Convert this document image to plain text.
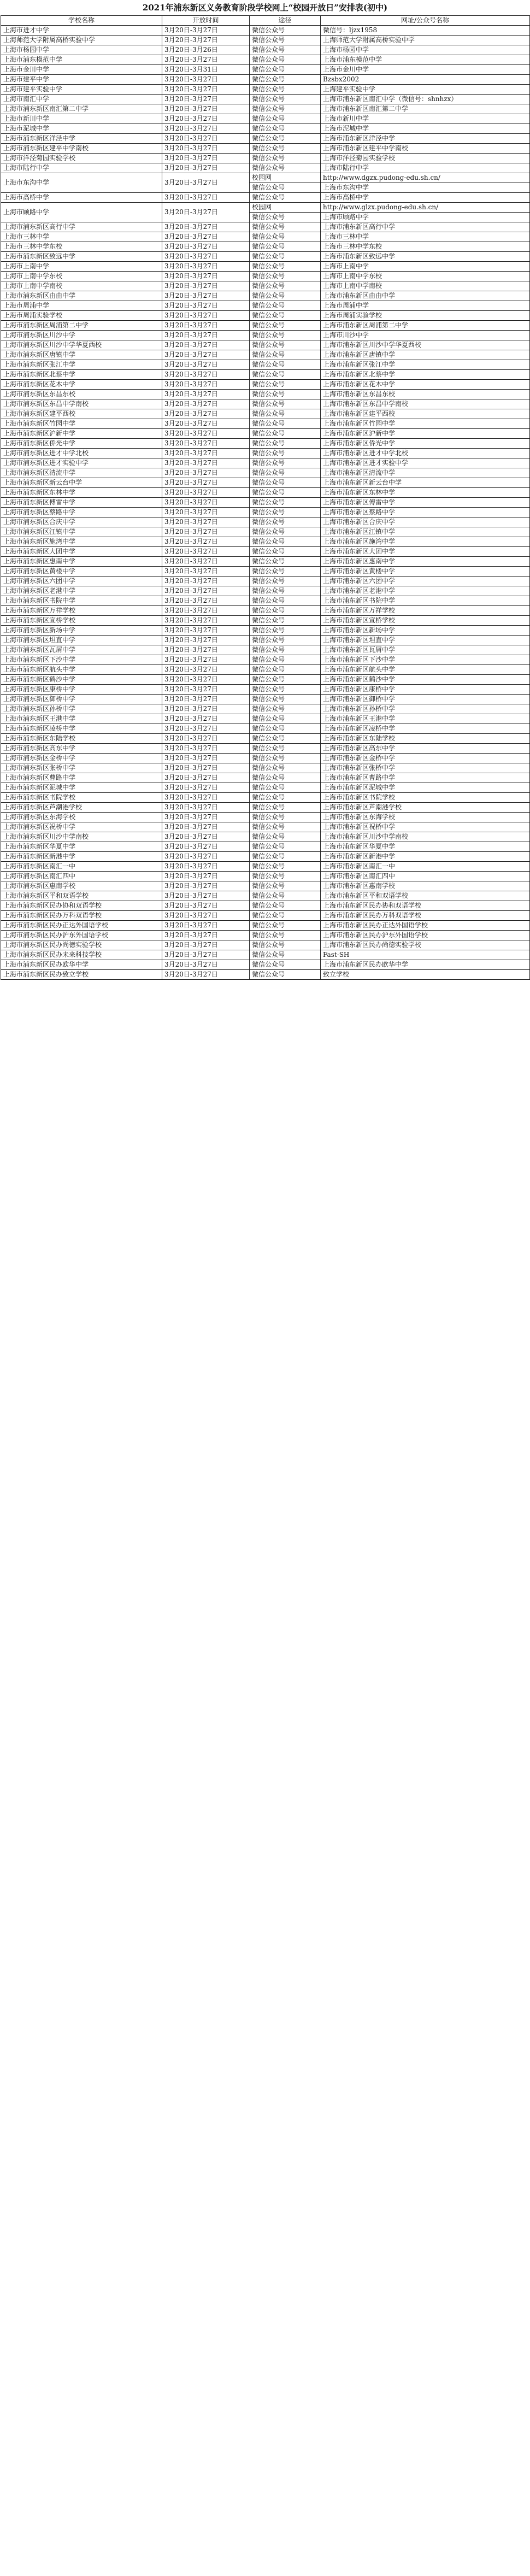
2021年浦东新区义务教育阶段学校网上“校园开放日”安排表(初中)
学校名称	开放时间	途径	网址/公众号名称
上海市进才中学	3月20日-3月27日	微信公众号	微信号：ljzx1958
上海师范大学附属高桥实验中学	3月20日-3月27日	微信公众号	上海师范大学附属高桥实验中学
上海市杨园中学	3月20日-3月26日	微信公众号	上海市杨园中学
上海市浦东模范中学	3月20日-3月27日	微信公众号	上海市浦东模范中学
上海市金川中学	3月20日-3月31日	微信公众号	上海市金川中学
上海市建平中学	3月20日-3月27日	微信公众号	Bzsbx2002
上海市建平实验中学	3月20日-3月27日	微信公众号	上海建平实验中学
上海市南汇中学	3月20日-3月27日	微信公众号	上海市浦东新区南汇中学（微信号：shnhzx）
上海市浦东新区南汇第二中学	3月20日-3月27日	微信公众号	上海市浦东新区南汇第二中学
上海市新川中学	3月20日-3月27日	微信公众号	上海市新川中学
上海市泥城中学	3月20日-3月27日	微信公众号	上海市泥城中学
上海市浦东新区洋泾中学	3月20日-3月27日	微信公众号	上海市浦东新区洋泾中学
上海市浦东新区建平中学南校	3月20日-3月27日	微信公众号	上海市浦东新区建平中学南校
上海市洋泾菊园实验学校	3月20日-3月27日	微信公众号	上海市洋泾菊园实验学校
上海市陆行中学	3月20日-3月27日	微信公众号	上海市陆行中学
上海市东沟中学	3月20日-3月27日	校园网	http://www.dgzx.pudong-edu.sh.cn/
		微信公众号	上海市东沟中学
上海市高桥中学	3月20日-3月27日	微信公众号	上海市高桥中学
上海市顾路中学	3月20日-3月27日	校园网	http://www.glzx.pudong-edu.sh.cn/
		微信公众号	上海市顾路中学
上海市浦东新区高行中学	3月20日-3月27日	微信公众号	上海市浦东新区高行中学
上海市三林中学	3月20日-3月27日	微信公众号	上海市三林中学
上海市三林中学东校	3月20日-3月27日	微信公众号	上海市三林中学东校
上海市浦东新区致远中学	3月20日-3月27日	微信公众号	上海市浦东新区致远中学
上海市上南中学	3月20日-3月27日	微信公众号	上海市上南中学
上海市上南中学东校	3月20日-3月27日	微信公众号	上海市上南中学东校
上海市上南中学南校	3月20日-3月27日	微信公众号	上海市上南中学南校
上海市浦东新区由由中学	3月20日-3月27日	微信公众号	上海市浦东新区由由中学
上海市周浦中学	3月20日-3月27日	微信公众号	上海市周浦中学
上海市周浦实验学校	3月20日-3月27日	微信公众号	上海市周浦实验学校
上海市浦东新区周浦第二中学	3月20日-3月27日	微信公众号	上海市浦东新区周浦第二中学
上海市浦东新区川沙中学	3月20日-3月27日	微信公众号	上海市川沙中学
上海市浦东新区川沙中学华夏西校	3月20日-3月27日	微信公众号	上海市浦东新区川沙中学华夏西校
上海市浦东新区唐镇中学	3月20日-3月27日	微信公众号	上海市浦东新区唐镇中学
上海市浦东新区张江中学	3月20日-3月27日	微信公众号	上海市浦东新区张江中学
上海市浦东新区北蔡中学	3月20日-3月27日	微信公众号	上海市浦东新区北蔡中学
上海市浦东新区花木中学	3月20日-3月27日	微信公众号	上海市浦东新区花木中学
上海市浦东新区东昌东校	3月20日-3月27日	微信公众号	上海市浦东新区东昌东校
上海市浦东新区东昌中学南校	3月20日-3月27日	微信公众号	上海市浦东新区东昌中学南校
上海市浦东新区建平西校	3月20日-3月27日	微信公众号	上海市浦东新区建平西校
上海市浦东新区竹园中学	3月20日-3月27日	微信公众号	上海市浦东新区竹园中学
上海市浦东新区沪新中学	3月20日-3月27日	微信公众号	上海市浦东新区沪新中学
上海市浦东新区侨光中学	3月20日-3月27日	微信公众号	上海市浦东新区侨光中学
上海市浦东新区进才中学北校	3月20日-3月27日	微信公众号	上海市浦东新区进才中学北校
上海市浦东新区进才实验中学	3月20日-3月27日	微信公众号	上海市浦东新区进才实验中学
上海市浦东新区清流中学	3月20日-3月27日	微信公众号	上海市浦东新区清流中学
上海市浦东新区新云台中学	3月20日-3月27日	微信公众号	上海市浦东新区新云台中学
上海市浦东新区东林中学	3月20日-3月27日	微信公众号	上海市浦东新区东林中学
上海市浦东新区傅雷中学	3月20日-3月27日	微信公众号	上海市浦东新区傅雷中学
上海市浦东新区蔡路中学	3月20日-3月27日	微信公众号	上海市浦东新区蔡路中学
上海市浦东新区合庆中学	3月20日-3月27日	微信公众号	上海市浦东新区合庆中学
上海市浦东新区江镇中学	3月20日-3月27日	微信公众号	上海市浦东新区江镇中学
上海市浦东新区施湾中学	3月20日-3月27日	微信公众号	上海市浦东新区施湾中学
上海市浦东新区大团中学	3月20日-3月27日	微信公众号	上海市浦东新区大团中学
上海市浦东新区惠南中学	3月20日-3月27日	微信公众号	上海市浦东新区惠南中学
上海市浦东新区黄楼中学	3月20日-3月27日	微信公众号	上海市浦东新区黄楼中学
上海市浦东新区六团中学	3月20日-3月27日	微信公众号	上海市浦东新区六团中学
上海市浦东新区老港中学	3月20日-3月27日	微信公众号	上海市浦东新区老港中学
上海市浦东新区书院中学	3月20日-3月27日	微信公众号	上海市浦东新区书院中学
上海市浦东新区万祥学校	3月20日-3月27日	微信公众号	上海市浦东新区万祥学校
上海市浦东新区宣桥学校	3月20日-3月27日	微信公众号	上海市浦东新区宣桥学校
上海市浦东新区新场中学	3月20日-3月27日	微信公众号	上海市浦东新区新场中学
上海市浦东新区坦直中学	3月20日-3月27日	微信公众号	上海市浦东新区坦直中学
上海市浦东新区瓦屑中学	3月20日-3月27日	微信公众号	上海市浦东新区瓦屑中学
上海市浦东新区下沙中学	3月20日-3月27日	微信公众号	上海市浦东新区下沙中学
上海市浦东新区航头中学	3月20日-3月27日	微信公众号	上海市浦东新区航头中学
上海市浦东新区鹤沙中学	3月20日-3月27日	微信公众号	上海市浦东新区鹤沙中学
上海市浦东新区康桥中学	3月20日-3月27日	微信公众号	上海市浦东新区康桥中学
上海市浦东新区御桥中学	3月20日-3月27日	微信公众号	上海市浦东新区御桥中学
上海市浦东新区孙桥中学	3月20日-3月27日	微信公众号	上海市浦东新区孙桥中学
上海市浦东新区王港中学	3月20日-3月27日	微信公众号	上海市浦东新区王港中学
上海市浦东新区凌桥中学	3月20日-3月27日	微信公众号	上海市浦东新区凌桥中学
上海市浦东新区东陆学校	3月20日-3月27日	微信公众号	上海市浦东新区东陆学校
上海市浦东新区高东中学	3月20日-3月27日	微信公众号	上海市浦东新区高东中学
上海市浦东新区金桥中学	3月20日-3月27日	微信公众号	上海市浦东新区金桥中学
上海市浦东新区张桥中学	3月20日-3月27日	微信公众号	上海市浦东新区张桥中学
上海市浦东新区曹路中学	3月20日-3月27日	微信公众号	上海市浦东新区曹路中学
上海市浦东新区泥城中学	3月20日-3月27日	微信公众号	上海市浦东新区泥城中学
上海市浦东新区书院学校	3月20日-3月27日	微信公众号	上海市浦东新区书院学校
上海市浦东新区芦潮港学校	3月20日-3月27日	微信公众号	上海市浦东新区芦潮港学校
上海市浦东新区东海学校	3月20日-3月27日	微信公众号	上海市浦东新区东海学校
上海市浦东新区祝桥中学	3月20日-3月27日	微信公众号	上海市浦东新区祝桥中学
上海市浦东新区川沙中学南校	3月20日-3月27日	微信公众号	上海市浦东新区川沙中学南校
上海市浦东新区华夏中学	3月20日-3月27日	微信公众号	上海市浦东新区华夏中学
上海市浦东新区新港中学	3月20日-3月27日	微信公众号	上海市浦东新区新港中学
上海市浦东新区南汇一中	3月20日-3月27日	微信公众号	上海市浦东新区南汇一中
上海市浦东新区南汇四中	3月20日-3月27日	微信公众号	上海市浦东新区南汇四中
上海市浦东新区惠南学校	3月20日-3月27日	微信公众号	上海市浦东新区惠南学校
上海市浦东新区平和双语学校	3月20日-3月27日	微信公众号	上海市浦东新区平和双语学校
上海市浦东新区民办协和双语学校	3月20日-3月27日	微信公众号	上海市浦东新区民办协和双语学校
上海市浦东新区民办万科双语学校	3月20日-3月27日	微信公众号	上海市浦东新区民办万科双语学校
上海市浦东新区民办正达外国语学校	3月20日-3月27日	微信公众号	上海市浦东新区民办正达外国语学校
上海市浦东新区民办沪东外国语学校	3月20日-3月27日	微信公众号	上海市浦东新区民办沪东外国语学校
上海市浦东新区民办尚德实验学校	3月20日-3月27日	微信公众号	上海市浦东新区民办尚德实验学校
上海市浦东新区民办未来科技学校	3月20日-3月27日	微信公众号	Fast-SH
上海市浦东新区民办欧华中学	3月20日-3月27日	微信公众号	上海市浦东新区民办欧华中学
上海市浦东新区民办致立学校	3月20日-3月27日	微信公众号	致立学校
